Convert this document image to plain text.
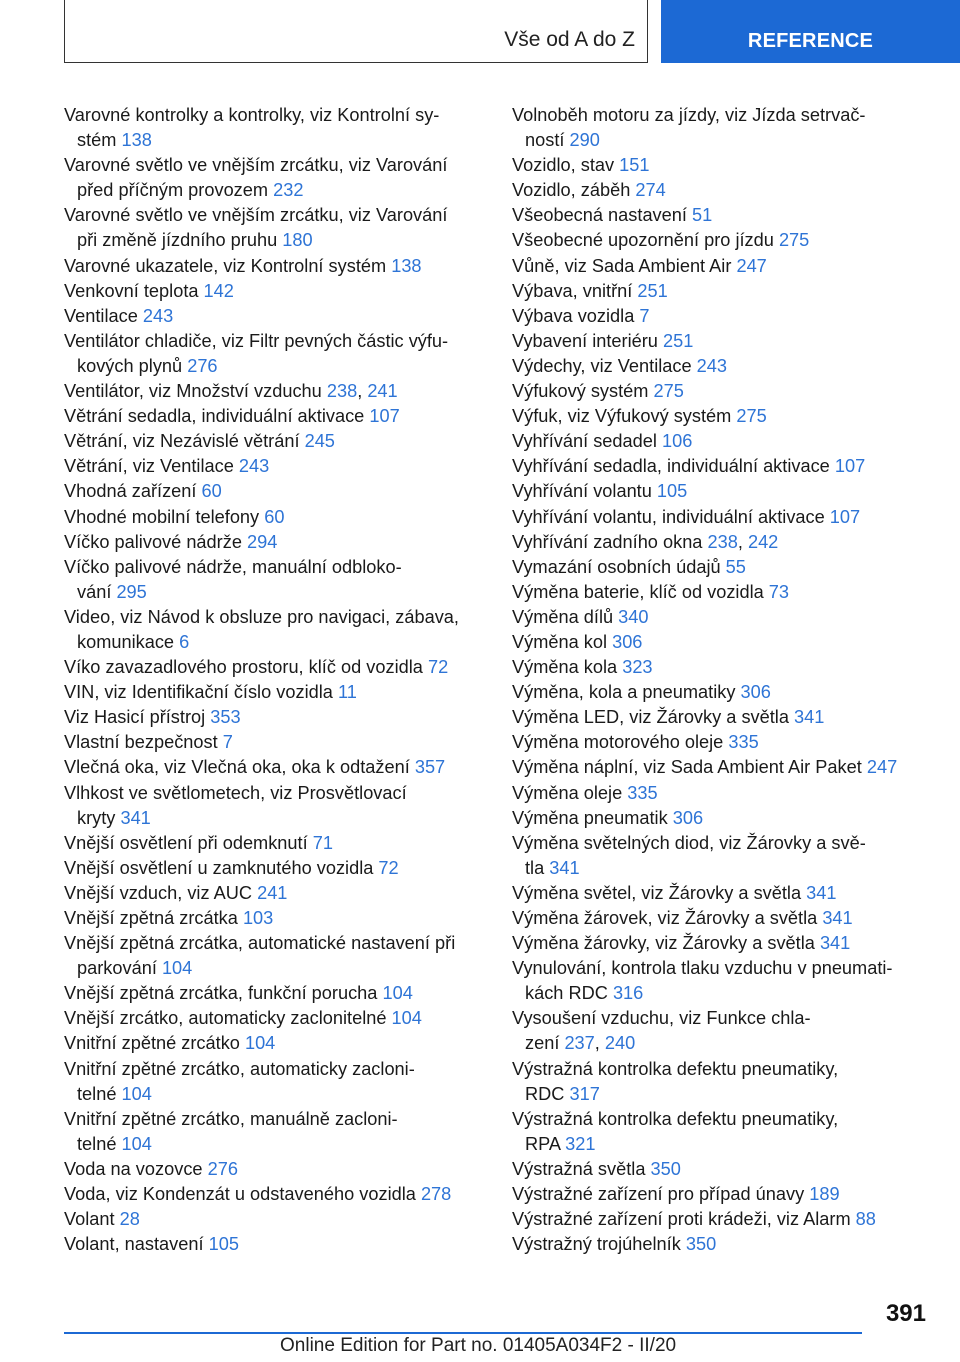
Vše od A do Z	REFERENCE
Varovné kontrolky a kontrolky, viz Kontrolní sy-
stém 138
Varovné světlo ve vnějším zrcátku, viz Varování
před příčným provozem 232
Varovné světlo ve vnějším zrcátku, viz Varování
při změně jízdního pruhu 180
Varovné ukazatele, viz Kontrolní systém 138
Venkovní teplota 142
Ventilace 243
Ventilátor chladiče, viz Filtr pevných částic výfu-
kových plynů 276
Ventilátor, viz Množství vzduchu 238, 241
Větrání sedadla, individuální aktivace 107
Větrání, viz Nezávislé větrání 245
Větrání, viz Ventilace 243
Vhodná zařízení 60
Vhodné mobilní telefony 60
Víčko palivové nádrže 294
Víčko palivové nádrže, manuální odbloko-
vání 295
Video, viz Návod k obsluze pro navigaci, zábava,
komunikace 6
Víko zavazadlového prostoru, klíč od vozidla 72
VIN, viz Identifikační číslo vozidla 11
Viz Hasicí přístroj 353
Vlastní bezpečnost 7
Vlečná oka, viz Vlečná oka, oka k odtažení 357
Vlhkost ve světlometech, viz Prosvětlovací
kryty 341
Vnější osvětlení při odemknutí 71
Vnější osvětlení u zamknutého vozidla 72
Vnější vzduch, viz AUC 241
Vnější zpětná zrcátka 103
Vnější zpětná zrcátka, automatické nastavení při
parkování 104
Vnější zpětná zrcátka, funkční porucha 104
Vnější zrcátko, automaticky zaclonitelné 104
Vnitřní zpětné zrcátko 104
Vnitřní zpětné zrcátko, automaticky zacloni-
telné 104
Vnitřní zpětné zrcátko, manuálně zacloni-
telné 104
Voda na vozovce 276
Voda, viz Kondenzát u odstaveného vozidla 278
Volant 28
Volant, nastavení 105
Volnoběh motoru za jízdy, viz Jízda setrvač-
ností 290
Vozidlo, stav 151
Vozidlo, záběh 274
Všeobecná nastavení 51
Všeobecné upozornění pro jízdu 275
Vůně, viz Sada Ambient Air 247
Výbava, vnitřní 251
Výbava vozidla 7
Vybavení interiéru 251
Výdechy, viz Ventilace 243
Výfukový systém 275
Výfuk, viz Výfukový systém 275
Vyhřívání sedadel 106
Vyhřívání sedadla, individuální aktivace 107
Vyhřívání volantu 105
Vyhřívání volantu, individuální aktivace 107
Vyhřívání zadního okna 238, 242
Vymazání osobních údajů 55
Výměna baterie, klíč od vozidla 73
Výměna dílů 340
Výměna kol 306
Výměna kola 323
Výměna, kola a pneumatiky 306
Výměna LED, viz Žárovky a světla 341
Výměna motorového oleje 335
Výměna náplní, viz Sada Ambient Air Paket 247
Výměna oleje 335
Výměna pneumatik 306
Výměna světelných diod, viz Žárovky a svě-
tla 341
Výměna světel, viz Žárovky a světla 341
Výměna žárovek, viz Žárovky a světla 341
Výměna žárovky, viz Žárovky a světla 341
Vynulování, kontrola tlaku vzduchu v pneumati-
kách RDC 316
Vysoušení vzduchu, viz Funkce chla-
zení 237, 240
Výstražná kontrolka defektu pneumatiky,
RDC 317
Výstražná kontrolka defektu pneumatiky,
RPA 321
Výstražná světla 350
Výstražné zařízení pro případ únavy 189
Výstražné zařízení proti krádeži, viz Alarm 88
Výstražný trojúhelník 350
391
Online Edition for Part no. 01405A034F2 - II/20
